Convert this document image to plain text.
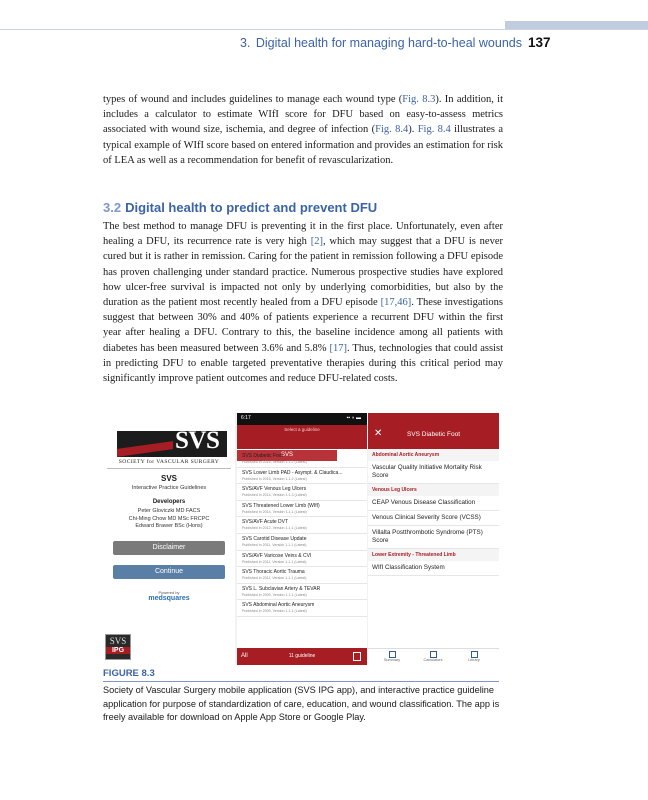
3. Digital health for managing hard-to-heal wounds 137
types of wound and includes guidelines to manage each wound type (Fig. 8.3). In addition, it includes a calculator to estimate WIfI score for DFU based on easy-to-assess metrics associated with wound size, ischemia, and degree of infection (Fig. 8.4). Fig. 8.4 illustrates a typical example of WIfI score based on entered information and provides an estimation for risk of LEA as well as a recommendation for benefit of revascularization.
3.2 Digital health to predict and prevent DFU
The best method to manage DFU is preventing it in the first place. Unfortunately, even after healing a DFU, its recurrence rate is very high [2], which may suggest that a DFU is never cured but it is rather in remission. Caring for the patient in remission following a DFU episode has proven challenging under standard practice. Numerous prospective studies have explored how ulcer-free survival is impacted not only by underlying comorbidities, but also by the duration as the patient most recently healed from a DFU episode [17,46]. These investigations suggest that between 30% and 40% of patients experience a recurrent DFU within the first year after healing a DFU. Contrary to this, the baseline incidence among all patients with diabetes has been measured between 3.6% and 5.8% [17]. Thus, technologies that could assist in predicting DFU to enable targeted preventative therapies during this critical period may significantly improve patient outcomes and reduce DFU-related costs.
SVS
SOCIETY for VASCULAR SURGERY
SVS
Interactive Practice Guidelines
Developers
Peter Gloviczki MD FACS
Chi-Ming Chow MD MSc FRCPC
Edward Brawer BSc (Hons)
Disclaimer
Continue
Powered by
medsquares
SVS
IPG
6:17	▪▪ ◗ ▬
Select a guideline
SVS	About
SVS Diabetic Foot
Published in 2016, Version 1.1.2 (Latest)
SVS Lower Limb PAD - Asympt. & Claudica...
Published in 2015, Version 1.1.2 (Latest)
SVS/AVF Venous Leg Ulcers
Published in 2014, Version 1.1.3 (Latest)
SVS Threatened Lower Limb (WIfI)
Published in 2014, Version 1.1.1 (Latest)
SVS/AVF Acute DVT
Published in 2012, Version 1.1.1 (Latest)
SVS Carotid Disease Update
Published in 2011, Version 1.1.1 (Latest)
SVS/AVF Varicose Veins & CVI
Published in 2011, Version 1.1.1 (Latest)
SVS Thoracic Aortic Trauma
Published in 2011, Version 1.1.1 (Latest)
SVS L. Subclavian Artery & TEVAR
Published in 2009, Version 1.1.1 (Latest)
SVS Abdominal Aortic Aneurysm
Published in 2009, Version 1.1.1 (Latest)
All	11 guideline
✕	SVS Diabetic Foot
Abdominal Aortic Aneurysm
Vascular Quality Initiative Mortality Risk Score
Venous Leg Ulcers
CEAP Venous Disease Classification
Venous Clinical Severity Score (VCSS)
Villalta Postthrombotic Syndrome (PTS) Score
Lower Extremity - Threatened Limb
WIfI Classification System
Summary	Calculators	Library
FIGURE 8.3
Society of Vascular Surgery mobile application (SVS IPG app), and interactive practice guideline application for purpose of standardization of care, education, and wound classification. The app is freely available for download on Apple App Store or Google Play.
